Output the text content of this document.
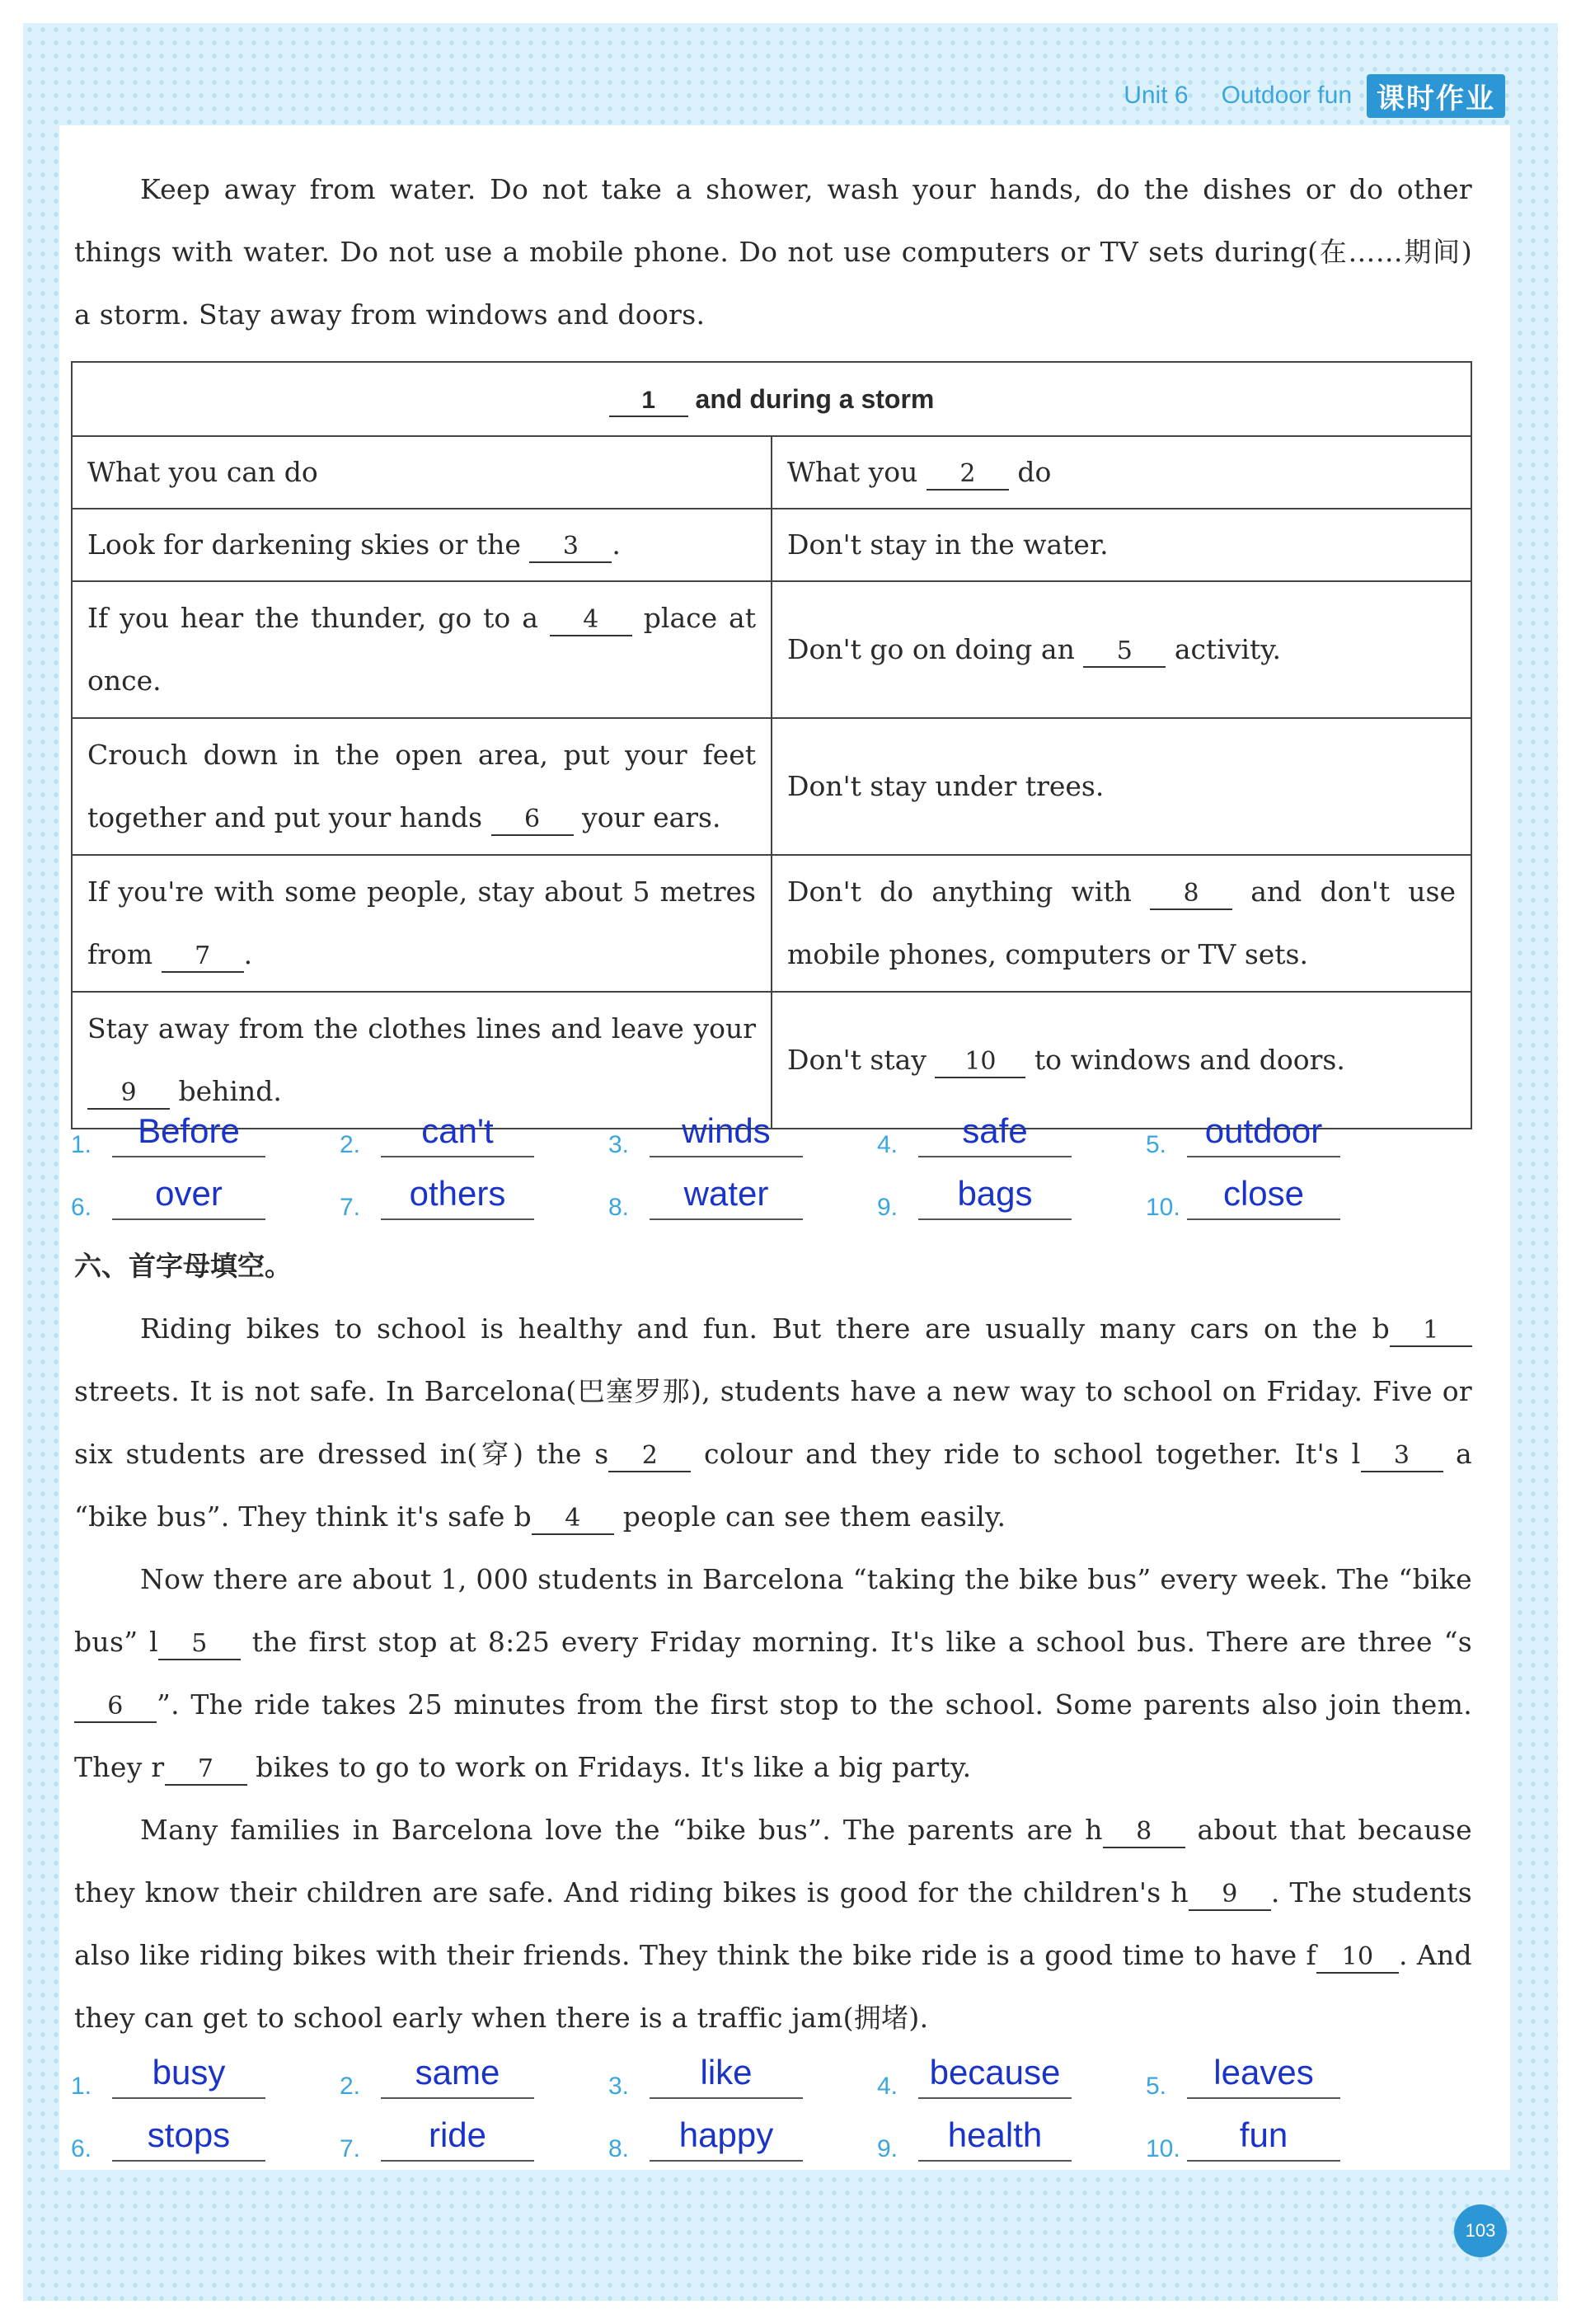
Unit 6 Outdoor fun 课时作业
Keep away from water. Do not take a shower, wash your hands, do the dishes or do other things with water. Do not use a mobile phone. Do not use computers or TV sets during(在……期间) a storm. Stay away from windows and doors.
1 and during a storm	
What you can do	What you 2 do
Look for darkening skies or the 3 .	Don't stay in the water.
If you hear the thunder, go to a 4 place at once.	Don't go on doing an 5 activity.
Crouch down in the open area, put your feet together and put your hands 6 your ears.	Don't stay under trees.
If you're with some people, stay about 5 metres from 7 .	Don't do anything with 8 and don't use mobile phones, computers or TV sets.
Stay away from the clothes lines and leave your 9 behind.	Don't stay 10 to windows and doors.
1.	Before	2.	can't	3.	winds	4.	safe	5.	outdoor
6.	over	7.	others	8.	water	9.	bags	10.	close
六、首字母填空。
Riding bikes to school is healthy and fun. But there are usually many cars on the b 1 streets. It is not safe. In Barcelona(巴塞罗那), students have a new way to school on Friday. Five or six students are dressed in(穿) the s 2 colour and they ride to school together. It's l 3 a “bike bus”. They think it's safe b 4 people can see them easily.
Now there are about 1, 000 students in Barcelona “taking the bike bus” every week. The “bike bus” l 5 the first stop at 8:25 every Friday morning. It's like a school bus. There are three “s6 ”. The ride takes 25 minutes from the first stop to the school. Some parents also join them. They r 7 bikes to go to work on Fridays. It's like a big party.
Many families in Barcelona love the “bike bus”. The parents are h 8 about that because they know their children are safe. And riding bikes is good for the children's h 9 . The students also like riding bikes with their friends. They think the bike ride is a good time to have f 10 . And they can get to school early when there is a traffic jam(拥堵).
1.	busy	2.	same	3.	like	4. because	5.	leaves
6.	stops	7.	ride	8.	happy	9.	health	10.	fun
103
